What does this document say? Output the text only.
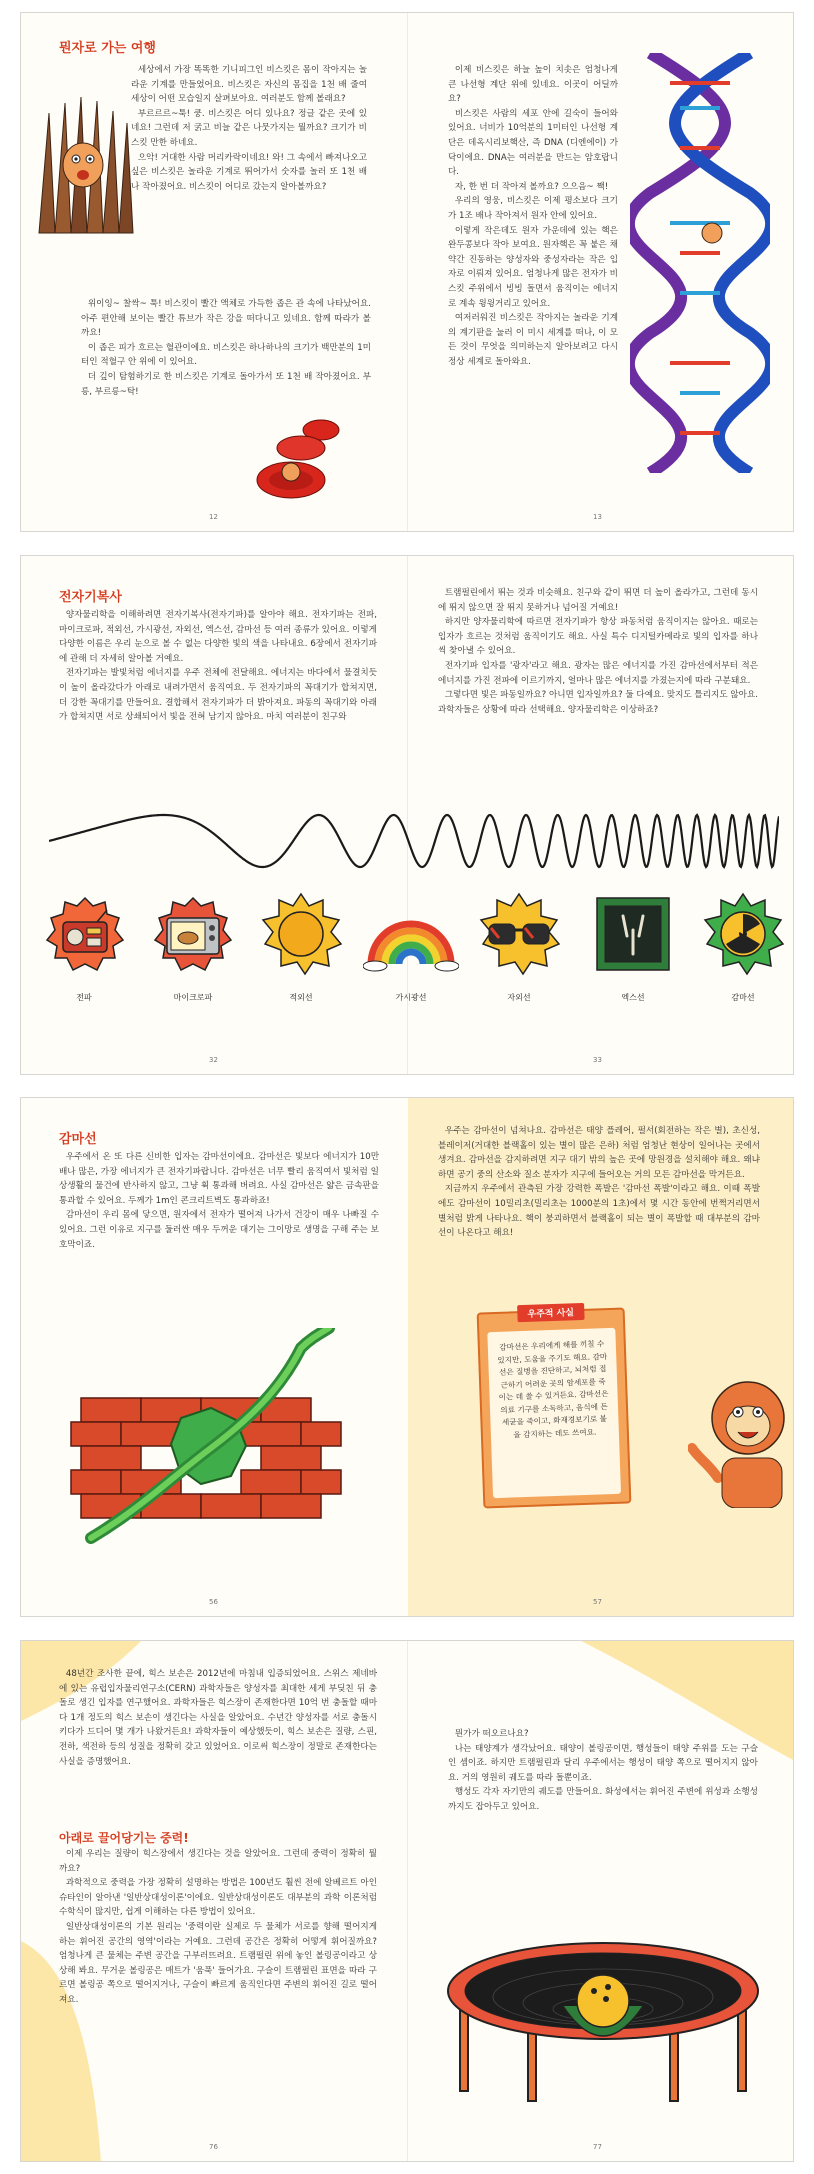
뭔자로 가는 여행

세상에서 가장 똑똑한 기니피그인 비스킷은 몸이 작아지는 놀라운 기계를 만들었어요. 비스킷은 자신의 몸집을 1천 배 줄여 세상이 어떤 모습일지 살펴보아요. 여러분도 함께 볼래요?

부르르르~툭! 쿵. 비스킷은 어디 있나요? 정글 같은 곳에 있네요! 그런데 저 굵고 비늘 같은 나뭇가지는 뭘까요? 크기가 비스킷 만한 하네요.

으악! 거대한 사람 머리카락이네요! 와! 그 속에서 빠져나오고 싶은 비스킷은 놀라운 기계로 뛰어가서 숫자를 놀러 또 1천 배나 작아졌어요. 비스킷이 어디로 갔는지 알아볼까요?

위이잉~ 찰싹~ 툭! 비스킷이 빨간 액체로 가득한 좁은 관 속에 나타났어요. 아주 편안해 보이는 빨간 튜브가 작은 강을 떠다니고 있네요. 함께 따라가 볼까요!

이 좁은 피가 흐르는 혈관이에요. 비스킷은 하나하나의 크기가 백만분의 1미터인 적혈구 안 위에 이 있어요.

더 깊이 탐험하기로 한 비스킷은 기계로 돌아가서 또 1천 배 작아졌어요. 부릉, 부르릉~탁!

12

이제 비스킷은 하늘 높이 치솟은 엄청나게 큰 나선형 계단 위에 있네요. 이곳이 어딜까요?

비스킷은 사람의 세포 안에 길숙이 들어와 있어요. 너비가 10억분의 1미터인 나선형 계단은 데옥시리보핵산, 즉 DNA (디엔에이) 가닥이에요. DNA는 여러분을 만드는 암호랍니다.

자, 한 번 더 작아져 볼까요? 으으음~ 짹!

우리의 영웅, 비스킷은 이제 평소보다 크기가 1조 배나 작아져서 원자 안에 있어요.

이렇게 작은데도 원자 가운데에 있는 핵은 완두콩보다 작아 보여요. 원자핵은 꼭 붙은 채 약간 진동하는 양성자와 중성자라는 작은 입자로 이뤄져 있어요. 엄청나게 많은 전자가 비스킷 주위에서 빙빙 돌면서 움직이는 에너지로 계속 윙윙거리고 있어요.

여저러워진 비스킷은 작아지는 놀라운 기계의 계기판을 눌러 이 미시 세계를 떠나, 이 모든 것이 무엇을 의미하는지 알아보려고 다시 정상 세계로 돌아와요.

13
전자기복사

양자물리학을 이해하려면 전자기복사(전자기파)를 알아야 해요. 전자기파는 전파, 마이크로파, 적외선, 가시광선, 자외선, 엑스선, 감마선 등 여러 종류가 있어요. 이렇게 다양한 이름은 우리 눈으로 볼 수 없는 다양한 빛의 색을 나타내요. 6장에서 전자기파에 관해 더 자세히 알아볼 거예요.

전자기파는 발빛처럼 에너지를 우주 전체에 전달해요. 에너지는 바다에서 물결치듯이 높이 올라갔다가 아래로 내려가면서 움직여요. 두 전자기파의 꼭대기가 합쳐지면, 더 강한 꼭대기를 만들어요. 결합해서 전자기파가 더 밝아져요. 파동의 꼭대기와 아래가 합쳐지면 서로 상쇄되어서 빛을 전혀 남기지 않아요. 마치 여러분이 친구와

32

트램펄린에서 뛰는 것과 비슷해요. 친구와 같이 뛰면 더 높이 올라가고, 그런데 동시에 뛰지 않으면 잘 뛰지 못하거나 넘어질 거예요!

하지만 양자물리학에 따르면 전자기파가 항상 파동처럼 움직이지는 않아요. 때로는 입자가 흐르는 것처럼 움직이기도 해요. 사실 특수 디지털카메라로 빛의 입자를 하나씩 찾아낼 수 있어요.

전자기파 입자를 '광자'라고 해요. 광자는 많은 에너지를 가진 감마선에서부터 적은 에너지를 가진 전파에 이르기까지, 얼마나 많은 에너지를 가졌는지에 따라 구분돼요.

그렇다면 빛은 파동일까요? 아니면 입자일까요? 둘 다예요. 맞지도 틀리지도 않아요. 과학자들은 상황에 따라 선택해요. 양자물리학은 이상하죠?

33
전파	마이크로파	적외선	가시광선	자외선	엑스선	감마선
감마선

우주에서 온 또 다른 신비한 입자는 감마선이에요. 감마선은 빛보다 에너지가 10만 배나 많은, 가장 에너지가 큰 전자기파랍니다. 감마선은 너무 빨리 움직여서 빛처럼 일상생활의 물건에 반사하지 않고, 그냥 휙 통과해 버려요. 사실 감마선은 얇은 금속판을 통과할 수 있어요. 두께가 1m인 콘크리트벽도 통과하죠!

감마선이 우리 몸에 닿으면, 원자에서 전자가 떨어져 나가서 건강이 매우 나빠질 수 있어요. 그런 이유로 지구를 둘러싼 매우 두꺼운 대기는 그이망로 생명을 구해 주는 보호막이죠.

56

우주는 감마선이 넘쳐나요. 감마선은 태양 플레어, 펄서(회전하는 작은 별), 초신성, 블레이저(거대한 블랙홀이 있는 별이 많은 은하) 처럼 엄청난 현상이 일어나는 곳에서 생겨요. 감마선을 감지하려면 지구 대기 밖의 높은 곳에 망원경을 설치해야 해요. 왜냐하면 공기 중의 산소와 질소 분자가 지구에 들어오는 거의 모든 감마선을 막거든요.

지금까지 우주에서 관측된 가장 강력한 폭발은 '감마선 폭발'이라고 해요. 이때 폭발에도 감마선이 10밀리초(밀리초는 1000분의 1초)에서 몇 시간 동안에 번쩍거리면서 별처럼 밝게 나타나요. 핵이 붕괴하면서 블랙홀이 되는 별이 폭발할 때 대부분의 감마선이 나온다고 해요!

우주적 사실
감마선은 우리에게 해를 끼칠 수 있지만, 도움을 주기도 해요. 감마선은 질병을 진단하고, 뇌처럼 접근하기 어려운 곳의 암세포를 죽이는 데 쓸 수 있거든요. 감마선은 의료 기구를 소독하고, 음식에 든 세균을 죽이고, 화재경보기로 불을 감지하는 데도 쓰여요.
57

48년간 조사한 끝에, 힉스 보손은 2012년에 마침내 입증되었어요. 스위스 제네바에 있는 유럽입자물리연구소(CERN) 과학자들은 양성자를 최대한 세게 부딪친 뒤 충돌로 생긴 입자를 연구했어요. 과학자들은 힉스장이 존재한다면 10억 번 충돌할 때마다 1개 정도의 힉스 보손이 생긴다는 사실을 알았어요. 수년간 양성자를 서로 충돌시키다가 드디어 몇 개가 나왔거든요! 과학자들이 예상했듯이, 힉스 보손은 질량, 스핀, 전하, 색전하 등의 성질을 정확히 갖고 있었어요. 이로써 힉스장이 정말로 존재한다는 사실을 증명했어요.

아래로 끌어당기는 중력!

이제 우리는 질량이 힉스장에서 생긴다는 것을 알았어요. 그런데 중력이 정확히 뭘까요?

과학적으로 중력을 가장 정확히 설명하는 방법은 100년도 훨씬 전에 알베르트 아인슈타인이 알아낸 '일반상대성이론'이에요. 일반상대성이론도 대부분의 과학 이론처럼 수학식이 많지만, 쉽게 이해하는 다른 방법이 있어요.

일반상대성이론의 기본 원리는 '중력이란 실제로 두 물체가 서로를 향해 떨어지게 하는 휘어진 공간의 영역'이라는 거예요. 그런데 공간은 정확히 어떻게 휘어질까요? 엄청나게 큰 물체는 주변 공간을 구부러뜨려요. 트램펄린 위에 놓인 볼링공이라고 상상해 봐요. 무거운 볼링공은 매트가 '움푹' 들어가요. 구슬이 트램펄린 표면을 따라 구르면 볼링공 쪽으로 떨어지거나, 구슬이 빠르게 움직인다면 주변의 휘어진 길로 떨어져요.

76

뭔가가 떠오르나요?

나는 태양계가 생각났어요. 태양이 볼링공이면, 행성들이 태양 주위를 도는 구슬인 셈이죠. 하지만 트램펄린과 달리 우주에서는 행성이 태양 쪽으로 떨어지지 않아요. 거의 영원히 궤도를 따라 돌뿐이죠.

행성도 각자 자기만의 궤도를 만들어요. 화성에서는 휘어진 주변에 위성과 소행성까지도 잡아두고 있어요.

77
